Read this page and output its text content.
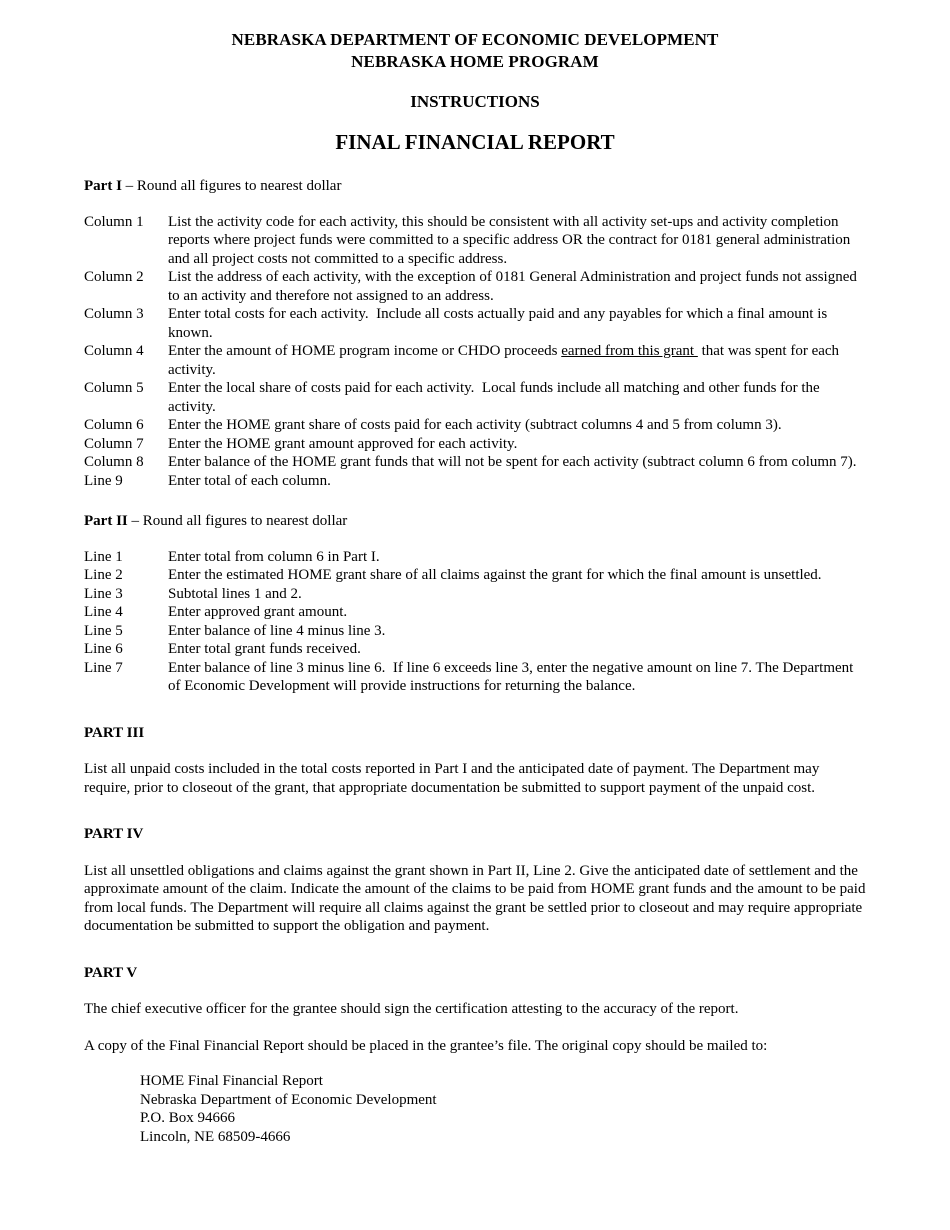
NEBRASKA DEPARTMENT OF ECONOMIC DEVELOPMENT
NEBRASKA HOME PROGRAM
INSTRUCTIONS
FINAL FINANCIAL REPORT
Part I – Round all figures to nearest dollar
Column 1	List the activity code for each activity, this should be consistent with all activity set-ups and activity completion reports where project funds were committed to a specific address OR the contract for 0181 general administration and all project costs not committed to a specific address.
Column 2	List the address of each activity, with the exception of 0181 General Administration and project funds not assigned to an activity and therefore not assigned to an address.
Column 3	Enter total costs for each activity.  Include all costs actually paid and any payables for which a final amount is known.
Column 4	Enter the amount of HOME program income or CHDO proceeds earned from this grant  that was spent for each activity.
Column 5	Enter the local share of costs paid for each activity.  Local funds include all matching and other funds for the activity.
Column 6	Enter the HOME grant share of costs paid for each activity (subtract columns 4 and 5 from column 3).
Column 7	Enter the HOME grant amount approved for each activity.
Column 8	Enter balance of the HOME grant funds that will not be spent for each activity (subtract column 6 from column 7).
Line 9	Enter total of each column.
Part II – Round all figures to nearest dollar
Line 1	Enter total from column 6 in Part I.
Line 2	Enter the estimated HOME grant share of all claims against the grant for which the final amount is unsettled.
Line 3	Subtotal lines 1 and 2.
Line 4	Enter approved grant amount.
Line 5	Enter balance of line 4 minus line 3.
Line 6	Enter total grant funds received.
Line 7	Enter balance of line 3 minus line 6.  If line 6 exceeds line 3, enter the negative amount on line 7. The Department of Economic Development will provide instructions for returning the balance.
PART III
List all unpaid costs included in the total costs reported in Part I and the anticipated date of payment. The Department may require, prior to closeout of the grant, that appropriate documentation be submitted to support payment of the unpaid cost.
PART IV
List all unsettled obligations and claims against the grant shown in Part II, Line 2. Give the anticipated date of settlement and the approximate amount of the claim. Indicate the amount of the claims to be paid from HOME grant funds and the amount to be paid from local funds. The Department will require all claims against the grant be settled prior to closeout and may require appropriate documentation be submitted to support the obligation and payment.
PART V
The chief executive officer for the grantee should sign the certification attesting to the accuracy of the report.
A copy of the Final Financial Report should be placed in the grantee’s file. The original copy should be mailed to:
HOME Final Financial Report
Nebraska Department of Economic Development
P.O. Box 94666
Lincoln, NE 68509-4666
